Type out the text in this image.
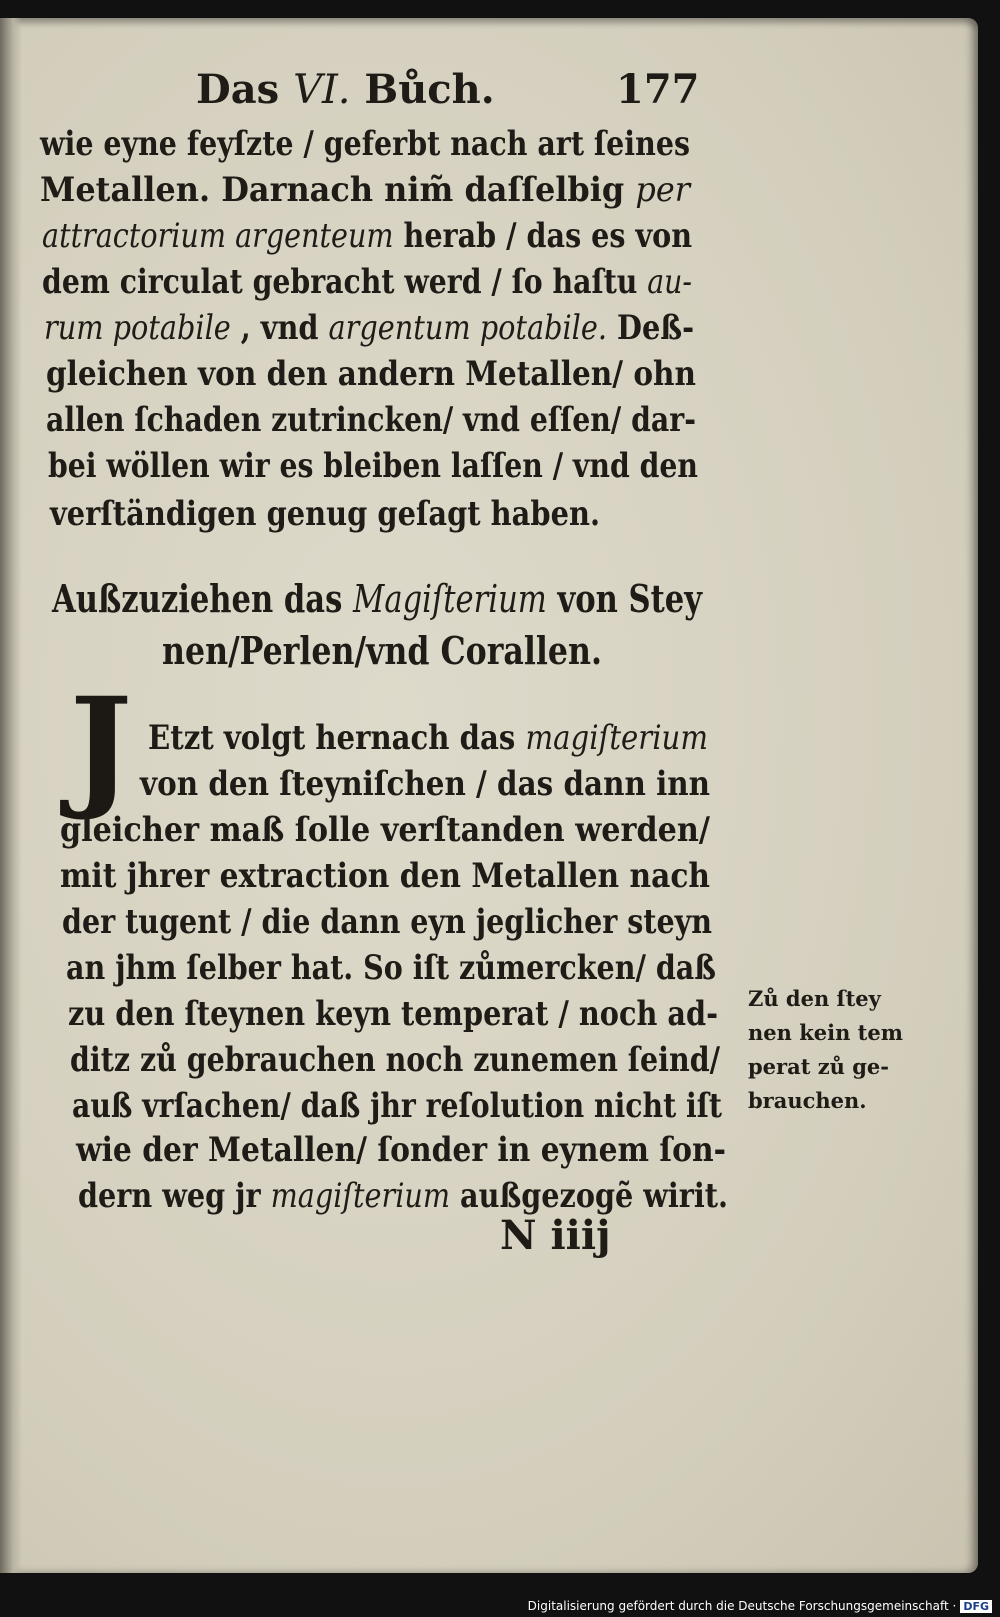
Das VI. Bůch.	177
wie eyne feyſzte / geferbt nach art ſeines
Metallen. Darnach nim̃ daſſelbig per
attractorium argenteum herab / das es von
dem circulat gebracht werd / ſo haſtu au-
rum potabile , vnd argentum potabile. Deß-
gleichen von den andern Metallen/ ohn
allen ſchaden zutrincken/ vnd eſſen/ dar-
bei wöllen wir es bleiben laſſen / vnd den
verſtändigen genug geſagt haben.
Außzuziehen das Magiſterium von Stey
nen/Perlen/vnd Corallen.
J Etzt volgt hernach das magiſterium
von den ſteyniſchen / das dann inn
gleicher maß ſolle verſtanden werden/
mit jhrer extraction den Metallen nach
der tugent / die dann eyn jeglicher steyn
an jhm ſelber hat. So iſt zůmercken/ daß
zu den ſteynen keyn temperat / noch ad-
ditz zů gebrauchen noch zunemen ſeind/
auß vrſachen/ daß jhr reſolution nicht iſt
wie der Metallen/ ſonder in eynem ſon-
dern weg jr magiſterium außgezogẽ wirit.
Zů den ſtey
nen kein tem
perat zů ge-
brauchen.
N iiij
Digitalisierung gefördert durch die Deutsche Forschungsgemeinschaft · DFG
